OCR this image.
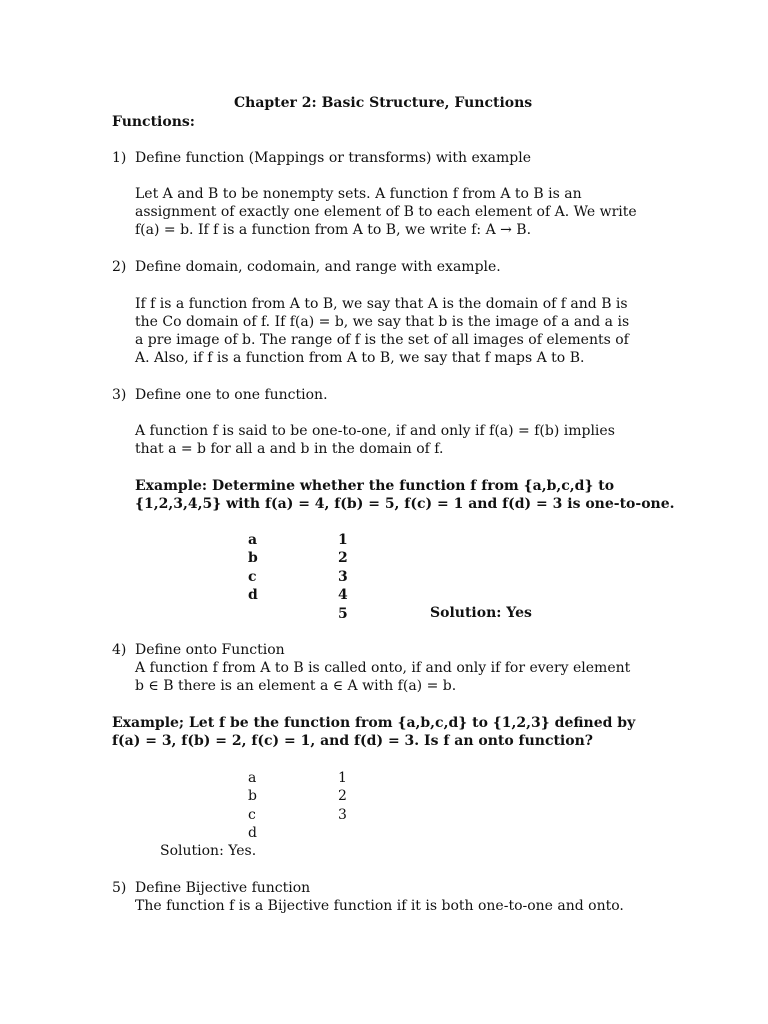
Chapter 2: Basic Structure, Functions
Functions:
1) Define function (Mappings or transforms) with example
Let A and B to be nonempty sets. A function f from A to B is an
assignment of exactly one element of B to each element of A. We write
f(a) = b. If f is a function from A to B, we write f: A → B.
2) Define domain, codomain, and range with example.
If f is a function from A to B, we say that A is the domain of f and B is
the Co domain of f. If f(a) = b, we say that b is the image of a and a is
a pre image of b. The range of f is the set of all images of elements of
A. Also, if f is a function from A to B, we say that f maps A to B.
3) Define one to one function.
A function f is said to be one-to-one, if and only if f(a) = f(b) implies
that a = b for all a and b in the domain of f.
Example: Determine whether the function f from {a,b,c,d} to
{1,2,3,4,5} with f(a) = 4, f(b) = 5, f(c) = 1 and f(d) = 3 is one-to-one.
a
b
c
d
1
2
3
4
5	Solution: Yes
4) Define onto Function
A function f from A to B is called onto, if and only if for every element
b ∈ B there is an element a ∈ A with f(a) = b.
Example; Let f be the function from {a,b,c,d} to {1,2,3} defined by
f(a) = 3, f(b) = 2, f(c) = 1, and f(d) = 3. Is f an onto function?
a
b
c
d
1
2
3
Solution: Yes.
5) Define Bijective function
The function f is a Bijective function if it is both one-to-one and onto.
